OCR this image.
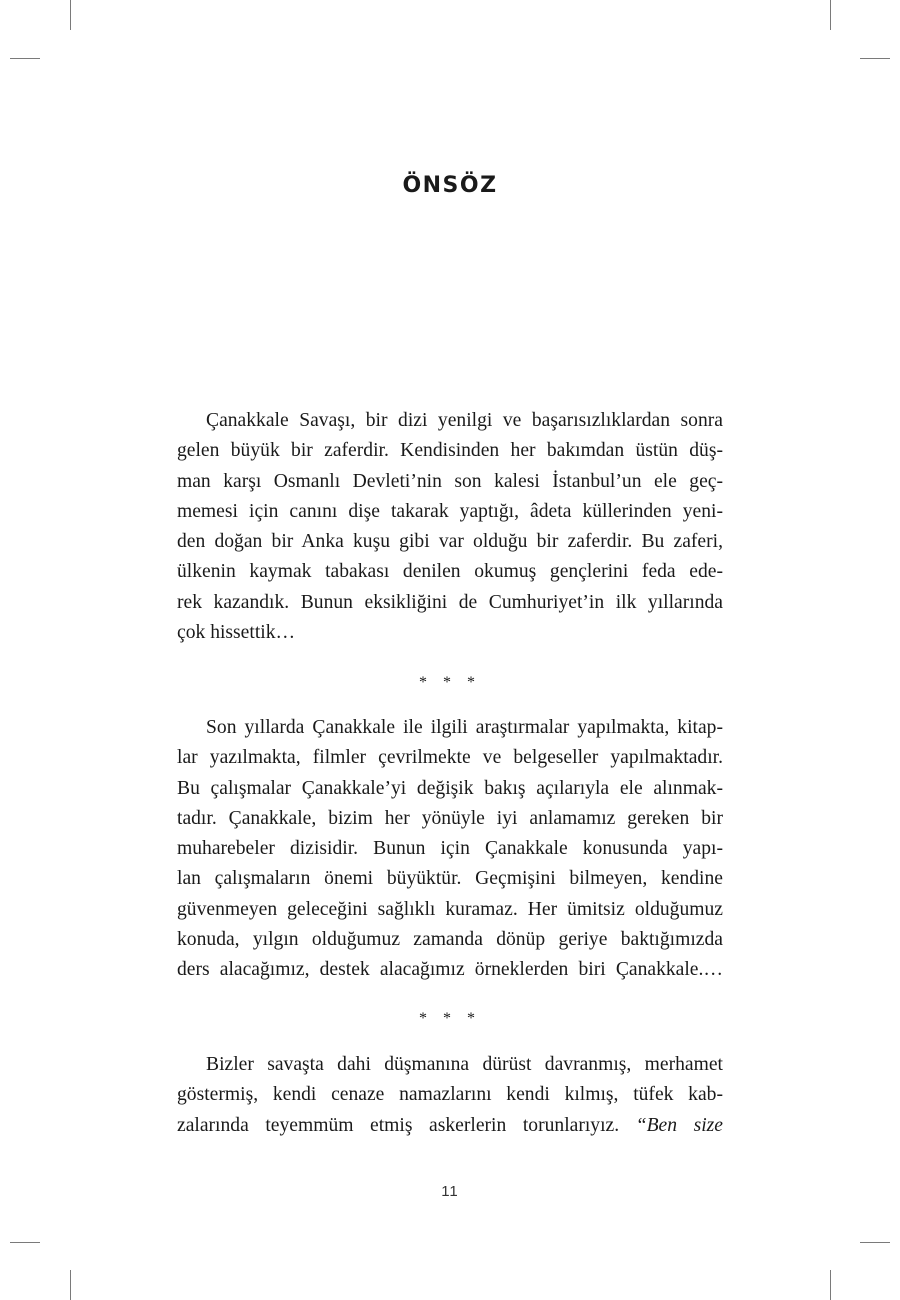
ÖNSÖZ

Çanakkale Savaşı, bir dizi yenilgi ve başarısızlıklardan sonra
gelen büyük bir zaferdir. Kendisinden her bakımdan üstün düş-
man karşı Osmanlı Devleti’nin son kalesi İstanbul’un ele geç-
memesi için canını dişe takarak yaptığı, âdeta küllerinden yeni-
den doğan bir Anka kuşu gibi var olduğu bir zaferdir. Bu zaferi,
ülkenin kaymak tabakası denilen okumuş gençlerini feda ede-
rek kazandık. Bunun eksikliğini de Cumhuriyet’in ilk yıllarında
çok hissettik…

* * *

Son yıllarda Çanakkale ile ilgili araştırmalar yapılmakta, kitap-
lar yazılmakta, filmler çevrilmekte ve belgeseller yapılmaktadır.
Bu çalışmalar Çanakkale’yi değişik bakış açılarıyla ele alınmak-
tadır. Çanakkale, bizim her yönüyle iyi anlamamız gereken bir
muharebeler dizisidir. Bunun için Çanakkale konusunda yapı-
lan çalışmaların önemi büyüktür. Geçmişini bilmeyen, kendine
güvenmeyen geleceğini sağlıklı kuramaz. Her ümitsiz olduğumuz
konuda, yılgın olduğumuz zamanda dönüp geriye baktığımızda
ders alacağımız, destek alacağımız örneklerden biri Çanakkale.…

* * *

Bizler savaşta dahi düşmanına dürüst davranmış, merhamet
göstermiş, kendi cenaze namazlarını kendi kılmış, tüfek kab-
zalarında teyemmüm etmiş askerlerin torunlarıyız. “Ben size

11
